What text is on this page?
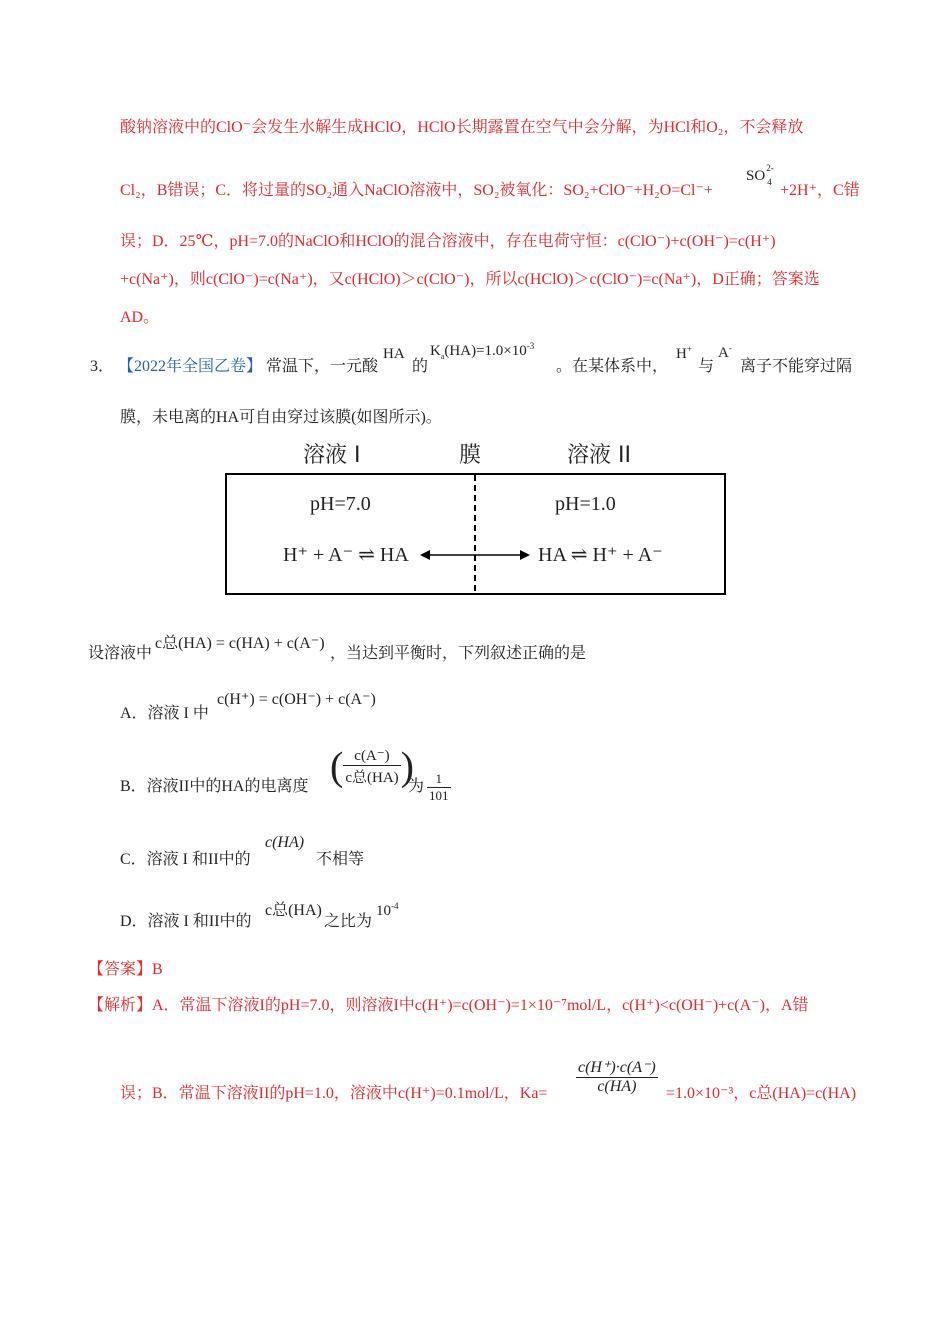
酸钠溶液中的ClO⁻会发生水解生成HClO，HClO长期露置在空气中会分解，为HCl和O₂，不会释放
Cl₂，B错误；C．将过量的SO₂通入NaClO溶液中，SO₂被氧化：SO₂+ClO⁻+H₂O=Cl⁻+
SO 2-
4 +2H⁺，C错
误；D．25℃，pH=7.0的NaClO和HClO的混合溶液中，存在电荷守恒：c(ClO⁻)+c(OH⁻)=c(H⁺)
+c(Na⁺)，则c(ClO⁻)=c(Na⁺)，又c(HClO)＞c(ClO⁻)，所以c(HClO)＞c(ClO⁻)=c(Na⁺)，D正确；答案选
AD。
3． 【2022年全国乙卷】 常温下，一元酸
HA
的
$K_a(HA)=1.0\times 10^{-3}$
。在某体系中，
H+
与
A-
离子不能穿过隔
膜，未电离的HA可自由穿过该膜(如图所示)。
溶液 I	膜	溶液 II
pH=7.0	pH=1.0
H⁺ + A⁻ ⇌ HA	HA ⇌ H⁺ + A⁻
设溶液中
c总(HA) = c(HA) + c(A⁻)
，当达到平衡时，下列叙述正确的是
A．溶液 I 中
c(H⁺) = c(OH⁻) + c(A⁻)
B．溶液II中的HA的电离度 ( $\frac{c(A^-)}{\text{c总(HA)}}$ )
为 $\frac{1}{101}$
C．溶液 I 和II中的
c(HA)
不相等
D．溶液 I 和II中的
c总(HA)
之比为
$10^{-4}$
【答案】B
【解析】A．常温下溶液I的pH=7.0，则溶液I中c(H⁺)=c(OH⁻)=1×10⁻⁷mol/L，c(H⁺)<c(OH⁻)+c(A⁻)，A错
误；B．常温下溶液II的pH=1.0，溶液中c(H⁺)=0.1mol/L，$Ka= \frac{c(H^+)\cdot c(A^-)}{c(HA)} =1.0\times 10^{-3}$，c总(HA)=c(HA)
